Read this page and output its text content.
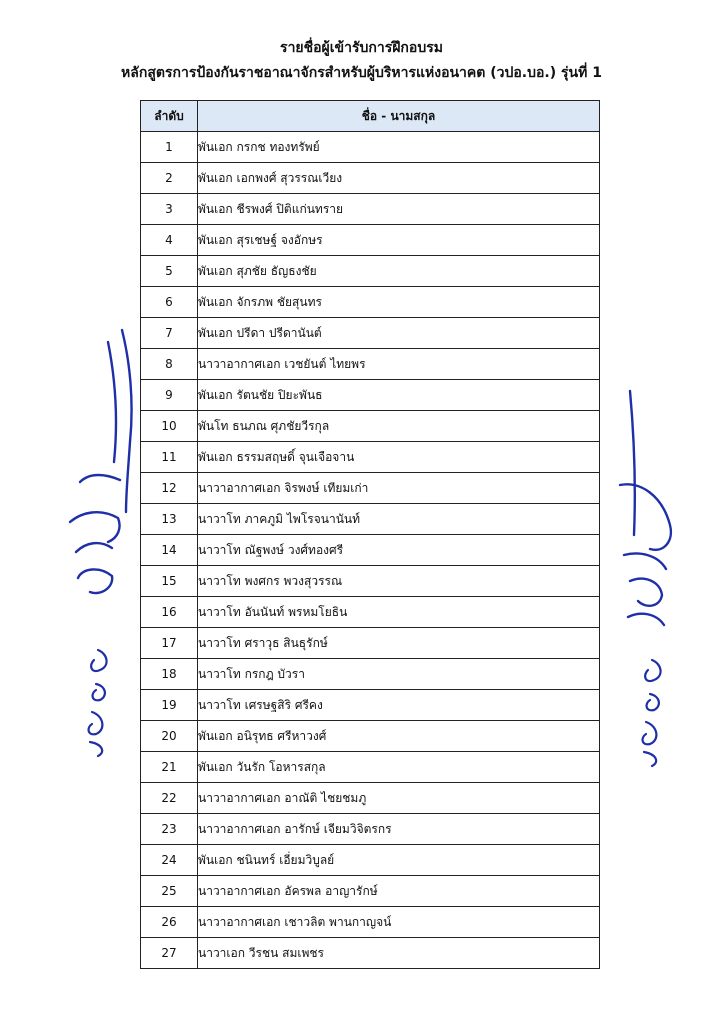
รายชื่อผู้เข้ารับการฝึกอบรม
หลักสูตรการป้องกันราชอาณาจักรสำหรับผู้บริหารแห่งอนาคต (วปอ.บอ.) รุ่นที่ 1
ลำดับ	ชื่อ - นามสกุล
1	พันเอก กรกช ทองทรัพย์
2	พันเอก เอกพงศ์ สุวรรณเวียง
3	พันเอก ชีรพงศ์ ปิติแก่นทราย
4	พันเอก สุรเชษฐ์ จงอักษร
5	พันเอก สุภชัย ธัญธงชัย
6	พันเอก จักรภพ ชัยสุนทร
7	พันเอก ปรีดา ปรีดานันต์
8	นาวาอากาศเอก เวชยันต์ ไทยพร
9	พันเอก รัตนชัย ปิยะพันธ
10	พันโท ธนภณ ศุภชัยวีรกุล
11	พันเอก ธรรมสฤษดิ์ จุนเจือจาน
12	นาวาอากาศเอก จิรพงษ์ เทียมเก่า
13	นาวาโท ภาคภูมิ ไพโรจนานันท์
14	นาวาโท ณัฐพงษ์ วงศ์ทองศรี
15	นาวาโท พงศกร พวงสุวรรณ
16	นาวาโท อันนันท์ พรหมโยธิน
17	นาวาโท ศราวุธ สินธุรักษ์
18	นาวาโท กรกฎ บัวรา
19	นาวาโท เศรษฐสิริ ศรีคง
20	พันเอก อนิรุทธ ศรีหาวงศ์
21	พันเอก วันรัก โอหารสกุล
22	นาวาอากาศเอก อาณัติ ไชยชมภู
23	นาวาอากาศเอก อารักษ์ เจียมวิจิตรกร
24	พันเอก ชนินทร์ เอี่ยมวิบูลย์
25	นาวาอากาศเอก อัครพล อาญารักษ์
26	นาวาอากาศเอก เชาวลิต พานกาญจน์
27	นาวาเอก วีรชน สมเพชร
